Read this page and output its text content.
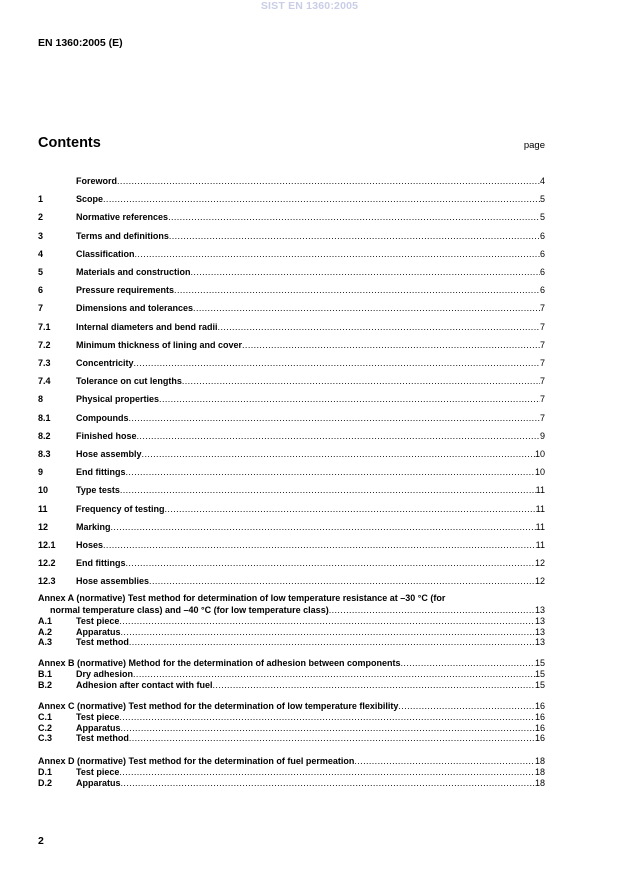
SIST EN 1360:2005
EN 1360:2005 (E)
Contents	page
Foreword .....	4
1	Scope .....	5
2	Normative references .....	5
3	Terms and definitions .....	6
4	Classification .....	6
5	Materials and construction .....	6
6	Pressure requirements .....	6
7	Dimensions and tolerances .....	7
7.1	Internal diameters and bend radii .....	7
7.2	Minimum thickness of lining and cover .....	7
7.3	Concentricity .....	7
7.4	Tolerance on cut lengths .....	7
8	Physical properties .....	7
8.1	Compounds .....	7
8.2	Finished hose .....	9
8.3	Hose assembly .....	10
9	End fittings .....	10
10	Type tests .....	11
11	Frequency of testing .....	11
12	Marking .....	11
12.1	Hoses .....	11
12.2	End fittings .....	12
12.3	Hose assemblies .....	12
Annex A (normative) Test method for determination of low temperature resistance at –30 °C (for
normal temperature class) and –40 °C (for low temperature class) .....	13
A.1	Test piece .....	13
A.2	Apparatus .....	13
A.3	Test method .....	13
Annex B (normative) Method for the determination of adhesion between components .....	15
B.1	Dry adhesion .....	15
B.2	Adhesion after contact with fuel .....	15
Annex C (normative) Test method for the determination of low temperature flexibility .....	16
C.1	Test piece .....	16
C.2	Apparatus .....	16
C.3	Test method .....	16
Annex D (normative) Test method for the determination of fuel permeation .....	18
D.1	Test piece .....	18
D.2	Apparatus .....	18
2
